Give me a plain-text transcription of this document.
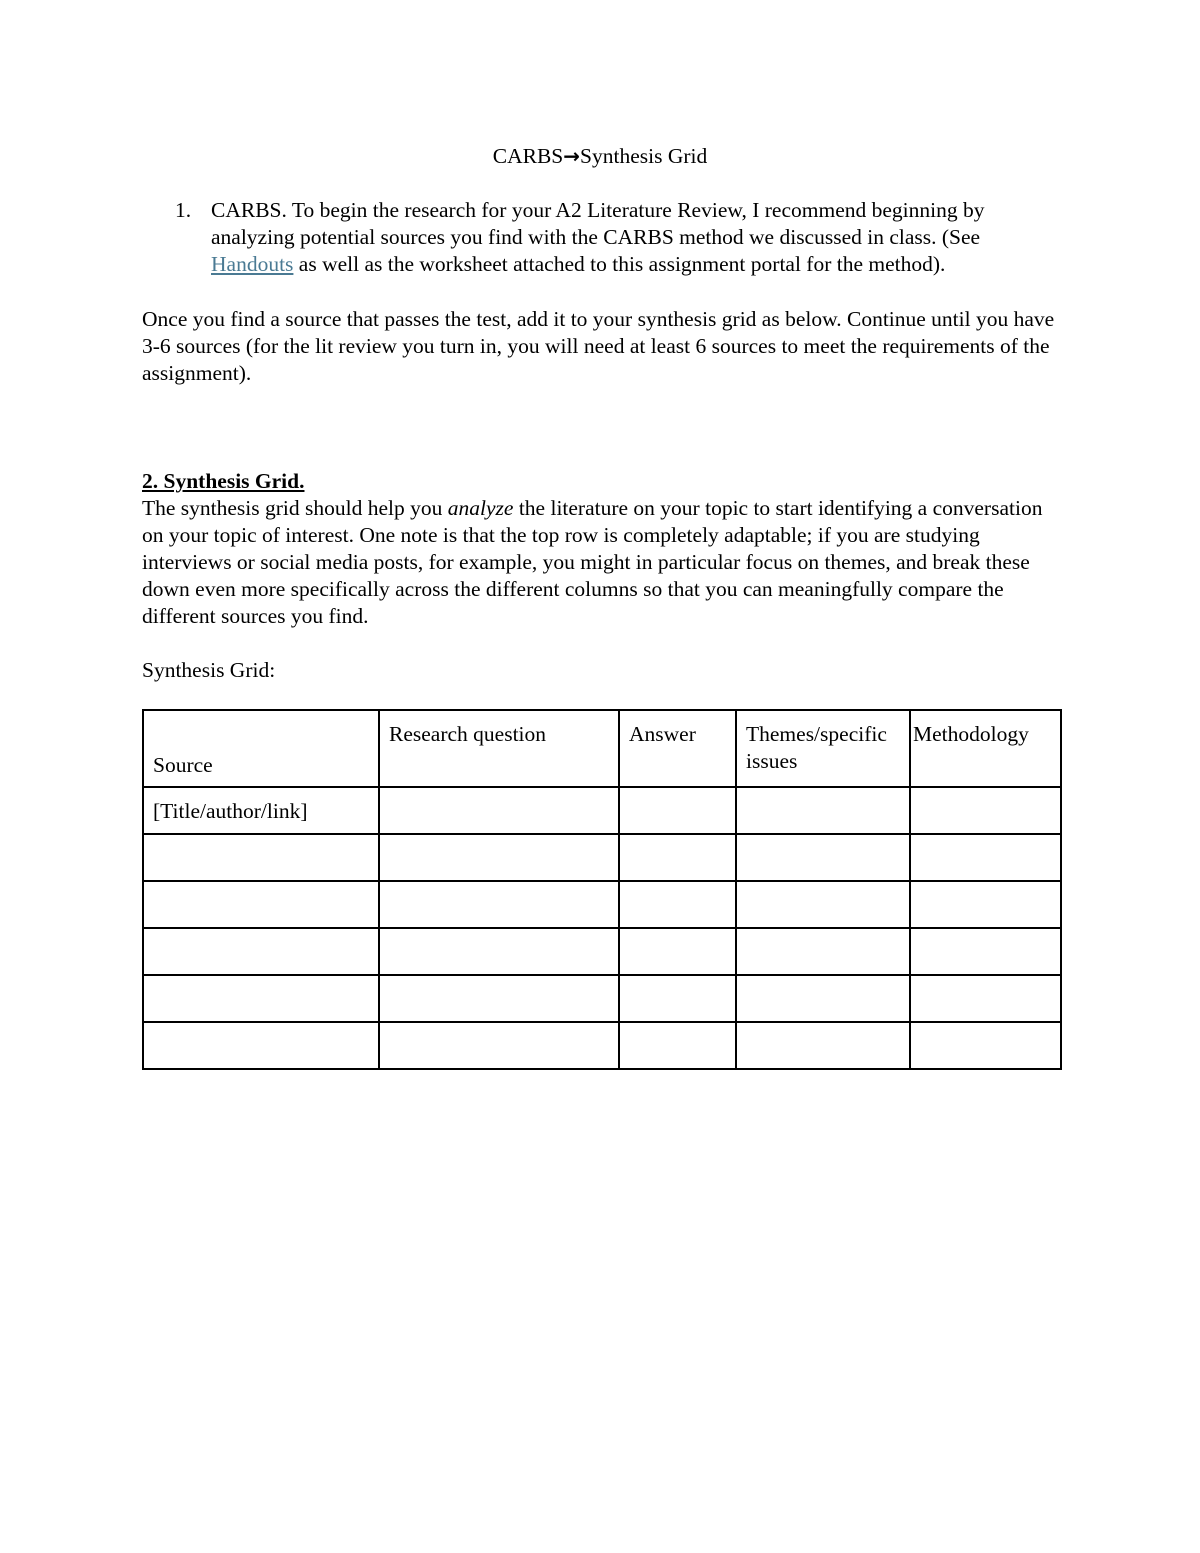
CARBS→Synthesis Grid
1. CARBS. To begin the research for your A2 Literature Review, I recommend beginning by analyzing potential sources you find with the CARBS method we discussed in class. (See Handouts as well as the worksheet attached to this assignment portal for the method).
Once you find a source that passes the test, add it to your synthesis grid as below. Continue until you have 3-6 sources (for the lit review you turn in, you will need at least 6 sources to meet the requirements of the assignment).
2. Synthesis Grid.
The synthesis grid should help you analyze the literature on your topic to start identifying a conversation on your topic of interest. One note is that the top row is completely adaptable; if you are studying interviews or social media posts, for example, you might in particular focus on themes, and break these down even more specifically across the different columns so that you can meaningfully compare the different sources you find.
Synthesis Grid:
Source	Research question	Answer	Themes/specific issues	Methodology
[Title/author/link]				
